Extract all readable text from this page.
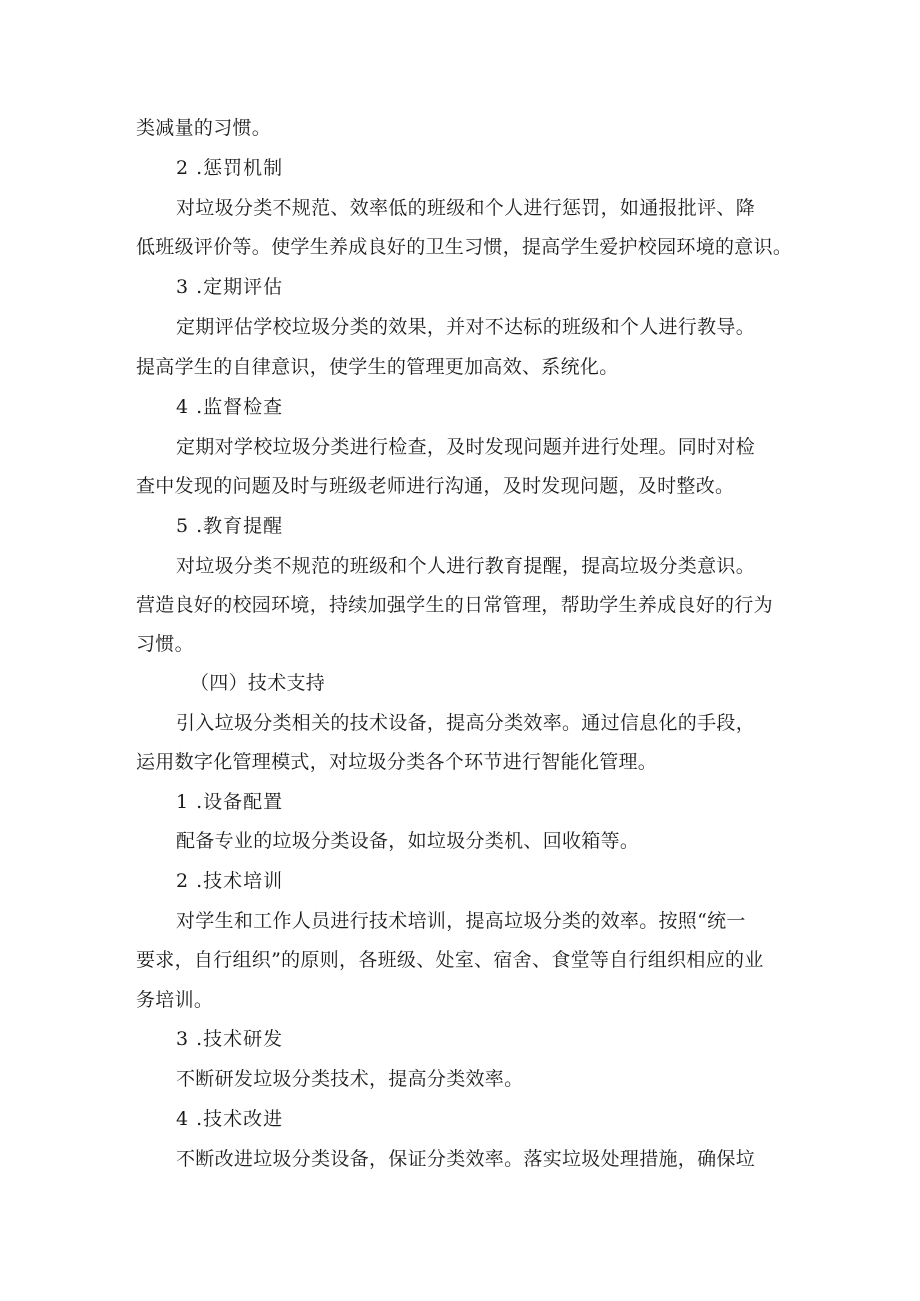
类减量的习惯。
2 .惩罚机制
对垃圾分类不规范、效率低的班级和个人进行惩罚，如通报批评、降
低班级评价等。使学生养成良好的卫生习惯，提高学生爱护校园环境的意识。
3 .定期评估
定期评估学校垃圾分类的效果，并对不达标的班级和个人进行教导。
提高学生的自律意识，使学生的管理更加高效、系统化。
4 .监督检查
定期对学校垃圾分类进行检查，及时发现问题并进行处理。同时对检
查中发现的问题及时与班级老师进行沟通，及时发现问题，及时整改。
5 .教育提醒
对垃圾分类不规范的班级和个人进行教育提醒，提高垃圾分类意识。
营造良好的校园环境，持续加强学生的日常管理，帮助学生养成良好的行为
习惯。
（四）技术支持
引入垃圾分类相关的技术设备，提高分类效率。通过信息化的手段，
运用数字化管理模式，对垃圾分类各个环节进行智能化管理。
1 .设备配置
配备专业的垃圾分类设备，如垃圾分类机、回收箱等。
2 .技术培训
对学生和工作人员进行技术培训，提高垃圾分类的效率。按照“统一
要求，自行组织”的原则，各班级、处室、宿舍、食堂等自行组织相应的业
务培训。
3 .技术研发
不断研发垃圾分类技术，提高分类效率。
4 .技术改进
不断改进垃圾分类设备，保证分类效率。落实垃圾处理措施，确保垃
